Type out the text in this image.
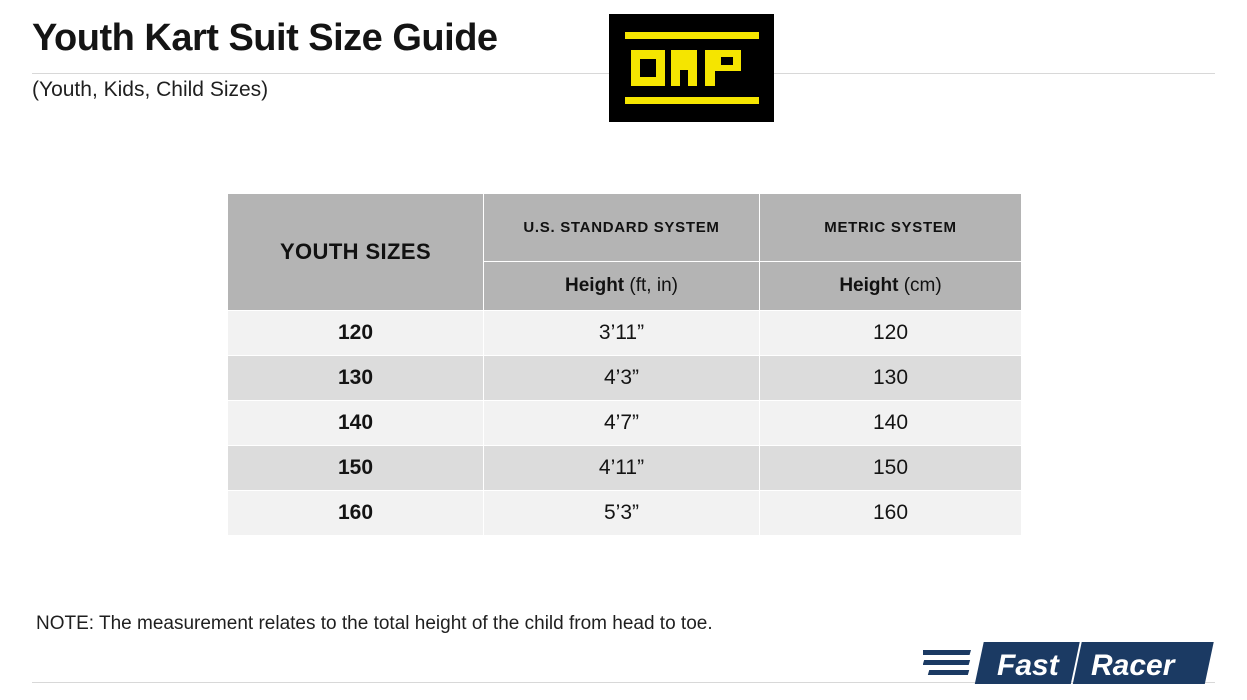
Youth Kart Suit Size Guide
(Youth, Kids, Child Sizes)
YOUTH SIZES	U.S. STANDARD SYSTEM	METRIC SYSTEM
	Height (ft, in)	Height (cm)
120	3’11”	120
130	4’3”	130
140	4’7”	140
150	4’11”	150
160	5’3”	160
NOTE: The measurement relates to the total height of the child from head to toe.
Fast Racer
